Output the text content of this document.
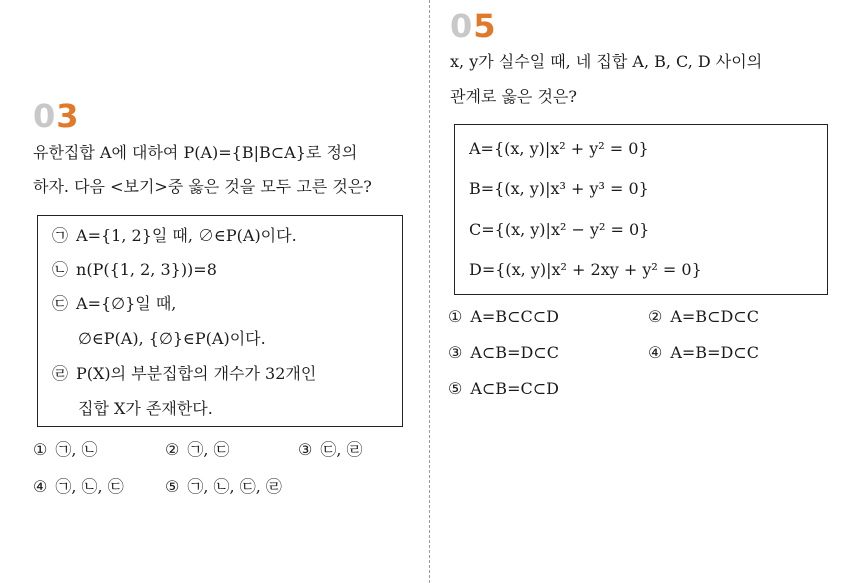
03
유한집합 A에 대하여 P(A)={B|B⊂A}로 정의
하자. 다음 <보기>중 옳은 것을 모두 고른 것은?
㉠ A={1, 2}일 때, ∅∈P(A)이다.
㉡ n(P({1, 2, 3}))=8
㉢ A={∅}일 때,
∅∈P(A), {∅}∈P(A)이다.
㉣ P(X)의 부분집합의 개수가 32개인
집합 X가 존재한다.
① ㉠, ㉡	② ㉠, ㉢	③ ㉢, ㉣
④ ㉠, ㉡, ㉢	⑤ ㉠, ㉡, ㉢, ㉣
05
x, y가 실수일 때, 네 집합 A, B, C, D 사이의
관계로 옳은 것은?
A={(x, y)|x² + y² = 0}
B={(x, y)|x³ + y³ = 0}
C={(x, y)|x² − y² = 0}
D={(x, y)|x² + 2xy + y² = 0}
① A=B⊂C⊂D	② A=B⊂D⊂C
③ A⊂B=D⊂C	④ A=B=D⊂C
⑤ A⊂B=C⊂D
